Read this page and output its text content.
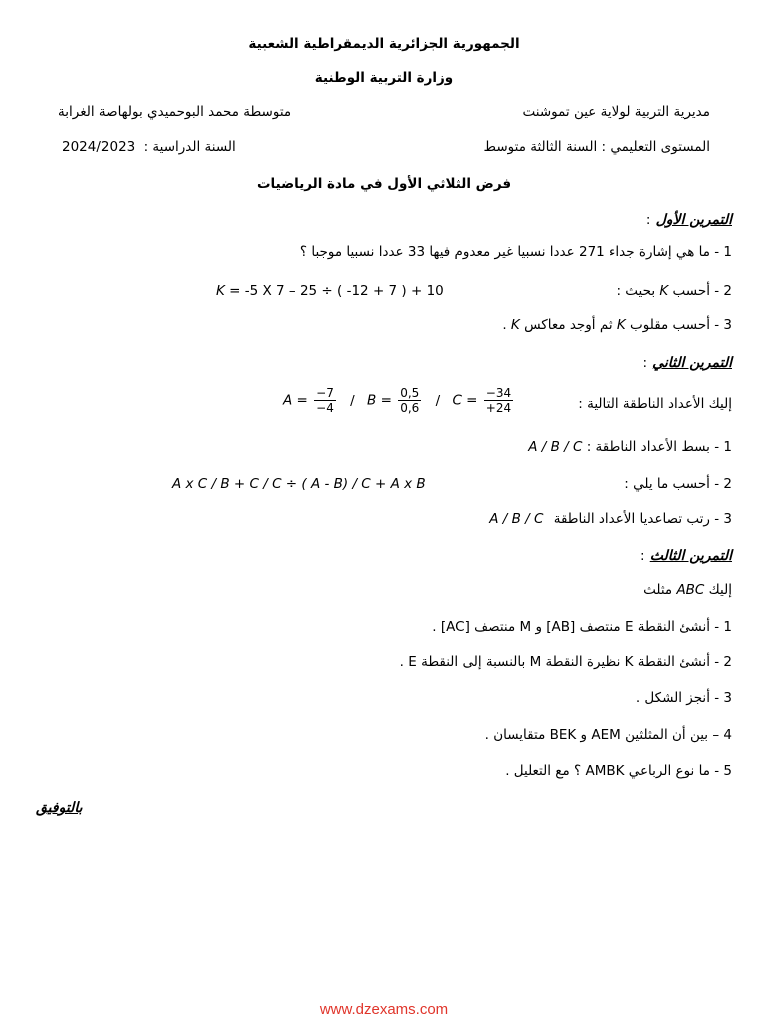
الجمهورية الجزائرية الديمقراطية الشعبية
وزارة التربية الوطنية
مديرية التربية لولاية عين تموشنت
متوسطة محمد البوحميدي بولهاصة الغرابة
المستوى التعليمي : السنة الثالثة متوسط
2024/2023 السنة الدراسية :
فرض الثلاثي الأول في مادة الرياضيات
التمرين الأول :
1 - ما هي إشارة جداء 271 عددا نسبيا غير معدوم فيها 33 عددا نسبيا موجبا ؟
2 - أحسب K بحيث :
K = -5 X 7 – 25 ÷ ( -12 + 7 ) + 10
3 - أحسب مقلوب K ثم أوجد معاكس K .
التمرين الثاني :
إليك الأعداد الناطقة التالية :
$A = \frac{-7}{-4} / B = \frac{0,5}{0,6} / C = \frac{-34}{+24}$
1 - بسط الأعداد الناطقة : A / B / C
2 - أحسب ما يلي :
A x C / B + C / C ÷ ( A - B) / C + A x B
3 - رتب تصاعديا الأعداد الناطقة A / B / C
التمرين الثالث :
إليك ABC مثلث
1 - أنشئ النقطة E منتصف [AB] و M منتصف [AC] .
2 - أنشئ النقطة K نظيرة النقطة M بالنسبة إلى النقطة E .
3 - أنجز الشكل .
4 – بين أن المثلثين AEM و BEK متقايسان .
5 - ما نوع الرباعي AMBK ؟ مع التعليل .
بالتوفيق
www.dzexams.com
